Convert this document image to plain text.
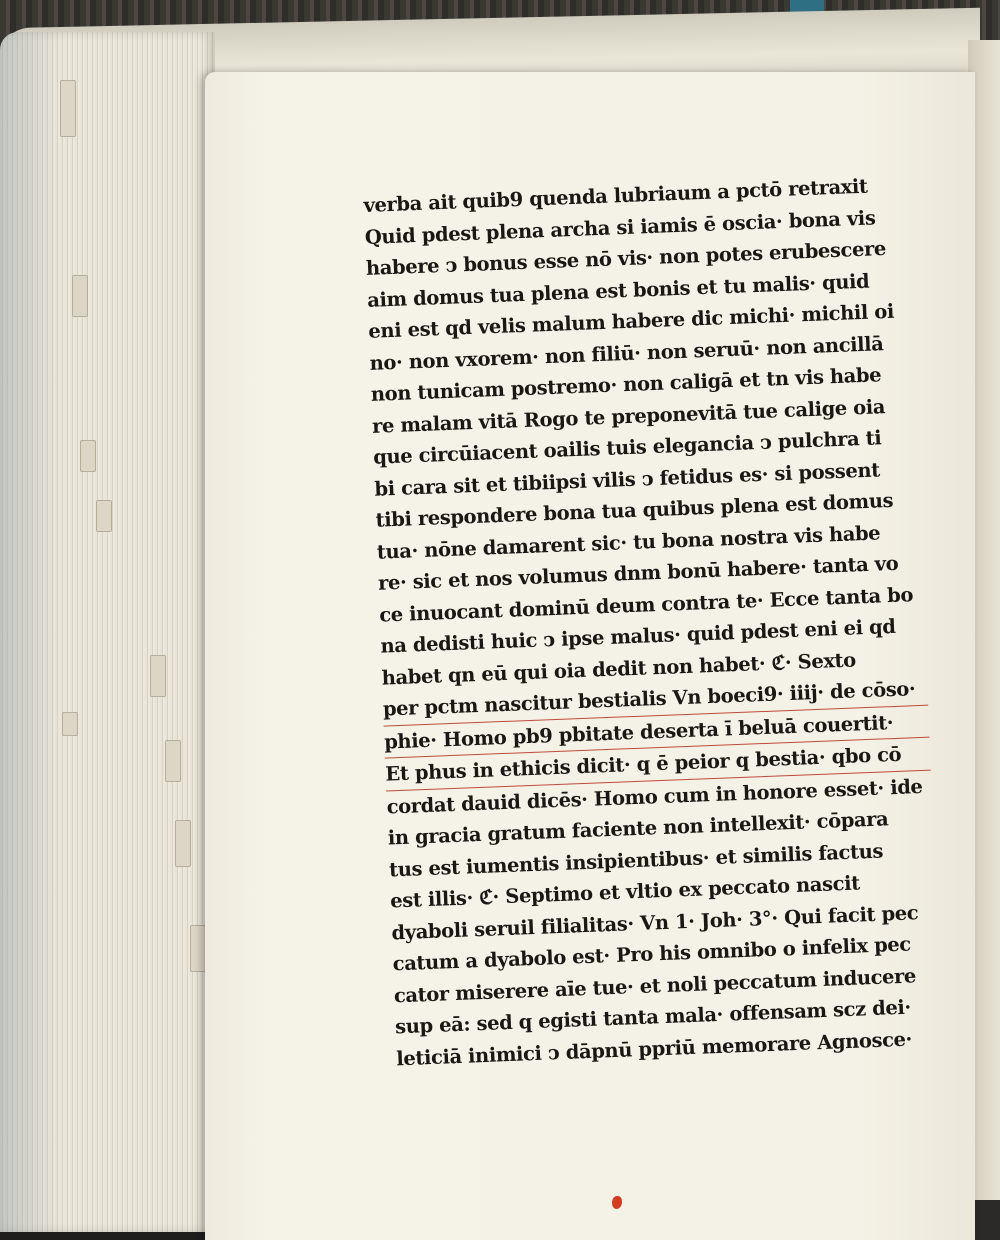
verba ait quib9 quenda lubriaum a pctō retraxit
Quid pdest plena archa si iamis ē oscia· bona vis
habere ↄ bonus esse nō vis· non potes erubescere
aim domus tua plena est bonis et tu malis· quid
eni est qd velis malum habere dic michi· michil oi
no· non vxorem· non filiū· non seruū· non ancillā
non tunicam postremo· non caligā et tn vis habe
re malam vitā Rogo te preponevitā tue calige oia
que circūiacent oailis tuis elegancia ↄ pulchra ti
bi cara sit et tibiipsi vilis ↄ fetidus es· si possent
tibi respondere bona tua quibus plena est domus
tua· nōne damarent sic· tu bona nostra vis habe
re· sic et nos volumus dnm bonū habere· tanta vo
ce inuocant dominū deum contra te· Ecce tanta bo
na dedisti huic ↄ ipse malus· quid pdest eni ei qd
habet qn eū qui oia dedit non habet· ℭ· Sexto
per pctm nascitur bestialis Vn boeci9· iiij· de cōso·
phie· Homo pb9 pbitate deserta ī beluā couertit·
Et phus in ethicis dicit· q ē peior q bestia· qbo cō
cordat dauid dicēs· Homo cum in honore esset· ide
in gracia gratum faciente non intellexit· cōpara
tus est iumentis insipientibus· et similis factus
est illis· ℭ· Septimo et vltio ex peccato nascit
dyaboli seruil filialitas· Vn 1· Joh· 3°· Qui facit pec
catum a dyabolo est· Pro his omnibo o infelix pec
cator miserere aīe tue· et noli peccatum inducere
sup eā: sed q egisti tanta mala· offensam scz dei·
leticiā inimici ↄ dāpnū ppriū memorare Agnosce·
